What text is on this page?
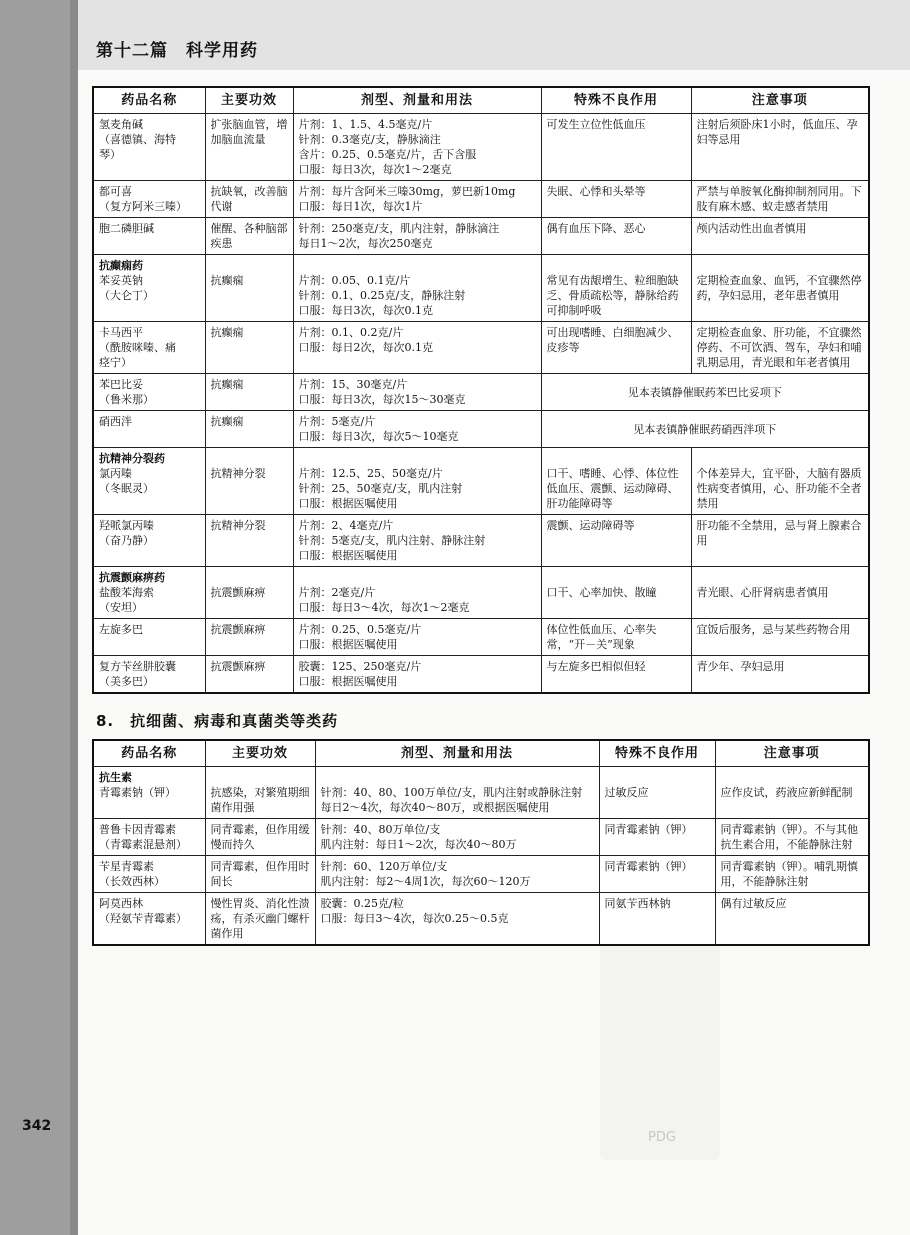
第十二篇　科学用药
PDG
药品名称	主要功效	剂型、剂量和用法	特殊不良作用	注意事项

氢麦角碱
（喜德镇、海特
琴）	扩张脑血管，增加脑血流量	片剂：1、1.5、4.5毫克/片
针剂：0.3毫克/支，静脉滴注
含片：0.25、0.5毫克/片，舌下含服
口服：每日3次，每次1～2毫克	可发生立位性低血压	注射后须卧床1小时，低血压、孕妇等忌用

都可喜
（复方阿米三嗪）	抗缺氧，改善脑代谢	片剂：每片含阿米三嗪30mg，萝巴新10mg
口服：每日1次，每次1片	失眠、心悸和头晕等	严禁与单胺氧化酶抑制剂同用。下肢有麻木感、蚁走感者禁用

胞二磷胆碱	催醒、各种脑部疾患	针剂：250毫克/支，肌内注射，静脉滴注
每日1～2次，每次250毫克	偶有血压下降、恶心	颅内活动性出血者慎用

抗癫痫药
苯妥英钠
（大仑丁）	抗癫痫	片剂：0.05、0.1克/片
针剂：0.1、0.25克/支，静脉注射
口服：每日3次，每次0.1克	常见有齿龈增生、粒细胞缺乏、骨质疏松等，静脉给药可抑制呼吸	定期检查血象、血钙，不宜骤然停药，孕妇忌用，老年患者慎用

卡马西平
（酰胺咪嗪、痛
痉宁）	抗癫痫	片剂：0.1、0.2克/片
口服：每日2次，每次0.1克	可出现嗜睡、白细胞减少、皮疹等	定期检查血象、肝功能，不宜骤然停药、不可饮酒、驾车，孕妇和哺乳期忌用，青光眼和年老者慎用

苯巴比妥
（鲁米那）	抗癫痫	片剂：15、30毫克/片
口服：每日3次，每次15～30毫克	见本表镇静催眠药苯巴比妥项下	

硝西泮	抗癫痫	片剂：5毫克/片
口服：每日3次，每次5～10毫克	见本表镇静催眠药硝西泮项下	

抗精神分裂药
氯丙嗪
（冬眠灵）	抗精神分裂	片剂：12.5、25、50毫克/片
针剂：25、50毫克/支，肌内注射
口服：根据医嘱使用	口干、嗜睡、心悸、体位性低血压、震颤、运动障碍、肝功能障碍等	个体差异大，宜平卧，大脑有器质性病变者慎用，心、肝功能不全者禁用

羟哌氯丙嗪
（奋乃静）	抗精神分裂	片剂：2、4毫克/片
针剂：5毫克/支，肌内注射、静脉注射
口服：根据医嘱使用	震颤、运动障碍等	肝功能不全禁用，忌与肾上腺素合用

抗震颤麻痹药
盐酸苯海索
（安坦）	抗震颤麻痹	片剂：2毫克/片
口服：每日3～4次，每次1～2毫克	口干、心率加快、散瞳	青光眼、心肝肾病患者慎用

左旋多巴	抗震颤麻痹	片剂：0.25、0.5毫克/片
口服：根据医嘱使用	体位性低血压、心率失常，“开－关”现象	宜饭后服务，忌与某些药物合用

复方苄丝肼胶囊
（美多巴）	抗震颤麻痹	胶囊：125、250毫克/片
口服：根据医嘱使用	与左旋多巴相似但轻	青少年、孕妇忌用
8.　抗细菌、病毒和真菌类等类药
药品名称	主要功效	剂型、剂量和用法	特殊不良作用	注意事项

抗生素
青霉素钠（钾）	抗感染，对繁殖期细菌作用强	针剂：40、80、100万单位/支，肌内注射或静脉注射
每日2～4次，每次40～80万，或根据医嘱使用	过敏反应	应作皮试，药液应新鲜配制

普鲁卡因青霉素
（青霉素混悬剂）	同青霉素，但作用缓慢而持久	针剂：40、80万单位/支
肌内注射：每日1～2次，每次40～80万	同青霉素钠（钾）	同青霉素钠（钾）。不与其他抗生素合用，不能静脉注射

苄星青霉素
（长效西林）	同青霉素，但作用时间长	针剂：60、120万单位/支
肌内注射：每2～4周1次，每次60～120万	同青霉素钠（钾）	同青霉素钠（钾）。哺乳期慎用，不能静脉注射

阿莫西林
（羟氨苄青霉素）	慢性胃炎、消化性溃疡，有杀灭幽门螺杆菌作用	胶囊：0.25克/粒
口服：每日3～4次，每次0.25～0.5克	同氨苄西林钠	偶有过敏反应
342
